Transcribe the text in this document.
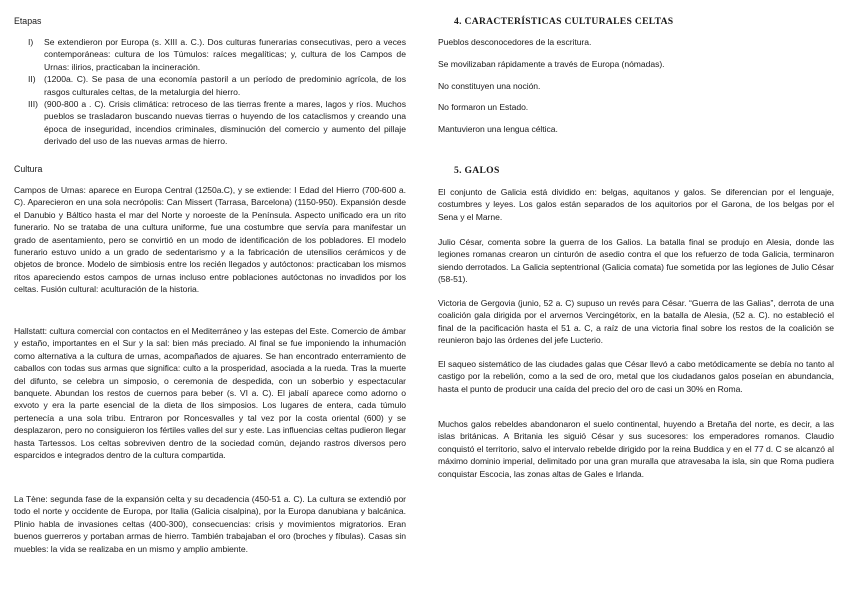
Etapas

I) Se extendieron por Europa (s. XIII a. C.). Dos culturas funerarias consecutivas, pero a veces contemporáneas: cultura de los Túmulos: raíces megalíticas; y, cultura de los Campos de Urnas: ilirios, practicaban la incineración.
II) (1200a. C). Se pasa de una economía pastoril a un período de predominio agrícola, de los rasgos culturales celtas, de la metalurgia del hierro.
III) (900-800 a . C). Crisis climática: retroceso de las tierras frente a mares, lagos y ríos. Muchos pueblos se trasladaron buscando nuevas tierras o huyendo de los cataclismos y creando una época de inseguridad, incendios criminales, disminución del comercio y aumento del pillaje derivado del uso de las nuevas armas de hierro.

Cultura

Campos de Urnas: aparece en Europa Central (1250a.C), y se extiende: I Edad del Hierro (700-600 a. C). Aparecieron en una sola necrópolis: Can Missert (Tarrasa, Barcelona) (1150-950). Expansión desde el Danubio y Báltico hasta el mar del Norte y noroeste de la Península. Aspecto unificado era un rito funerario. No se trataba de una cultura uniforme, fue una costumbre que servía para manifestar un grado de asentamiento, pero se convirtió en un modo de identificación de los pobladores. El modelo funerario estuvo unido a un grado de sedentarismo y a la fabricación de utensilios cerámicos y de objetos de bronce. Modelo de simbiosis entre los recién llegados y autóctonos: practicaban los mismos ritos apareciendo estos campos de urnas incluso entre poblaciones autóctonas no invadidos por los celtas. Fusión cultural: aculturación de la historia.

Hallstatt: cultura comercial con contactos en el Mediterráneo y las estepas del Este. Comercio de ámbar y estaño, importantes en el Sur y la sal: bien más preciado. Al final se fue imponiendo la inhumación como alternativa a la cultura de urnas, acompañados de ajuares. Se han encontrado enterramiento de caballos con todas sus armas que significa: culto a la prosperidad, asociada a la rueda. Tras la muerte del difunto, se celebra un simposio, o ceremonia de despedida, con un soberbio y espectacular banquete. Abundan los restos de cuernos para beber (s. VI a. C). El jabalí aparece como adorno o exvoto y era la parte esencial de la dieta de llos simposios. Los lugares de entera, cada túmulo pertenecía a una sola tribu. Entraron por Roncesvalles y tal vez por la costa oriental (600) y se desplazaron, pero no consiguieron los fértiles valles del sur y este. Las influencias celtas pudieron llegar hasta Tartessos. Los celtas sobreviven dentro de la sociedad común, dejando rastros diversos pero esparcidos e integrados dentro de la cultura compartida.

La Tène: segunda fase de la expansión celta y su decadencia (450-51 a. C). La cultura se extendió por todo el norte y occidente de Europa, por Italia (Galicia cisalpina), por la Europa danubiana y balcánica. Plinio habla de invasiones celtas (400-300), consecuencias: crisis y movimientos migratorios. Eran buenos guerreros y portaban armas de hierro. También trabajaban el oro (broches y fíbulas). Casas sin muebles: la vida se realizaba en un mismo y amplio ambiente.

4. CARACTERÍSTICAS CULTURALES CELTAS

Pueblos desconocedores de la escritura.

Se movilizaban rápidamente a través de Europa (nómadas).

No constituyen una noción.

No formaron un Estado.

Mantuvieron una lengua céltica.

5. GALOS

El conjunto de Galicia está dividido en: belgas, aquitanos y galos. Se diferencian por el lenguaje, costumbres y leyes. Los galos están separados de los aquitorios por el Garona, de los belgas por el Sena y el Marne.

Julio César, comenta sobre la guerra de los Galios. La batalla final se produjo en Alesia, donde las legiones romanas crearon un cinturón de asedio contra el que los refuerzo de toda Galicia, terminaron siendo derrotados. La Galicia septentrional (Galicia comata) fue sometida por las legiones de Julio César (58-51).

Victoria de Gergovia (junio, 52 a. C) supuso un revés para César. “Guerra de las Galias”, derrota de una coalición gala dirigida por el arvernos Vercingétorix, en la batalla de Alesia, (52 a. C). no estableció el final de la pacificación hasta el 51 a. C, a raíz de una victoria final sobre los restos de la coalición se reunieron bajo las órdenes del jefe Lucterio.

El saqueo sistemático de las ciudades galas que César llevó a cabo metódicamente se debía no tanto al castigo por la rebelión, como a la sed de oro, metal que los ciudadanos galos poseían en abundancia, hasta el punto de producir una caída del precio del oro de casi un 30% en Roma.

Muchos galos rebeldes abandonaron el suelo continental, huyendo a Bretaña del norte, es decir, a las islas británicas. A Britania les siguió César y sus sucesores: los emperadores romanos. Claudio conquistó el territorio, salvo el intervalo rebelde dirigido por la reina Buddica y en el 77 d. C se alcanzó al máximo dominio imperial, delimitado por una gran muralla que atravesaba la isla, sin que Roma pudiera conquistar Escocia, las zonas altas de Gales e Irlanda.
